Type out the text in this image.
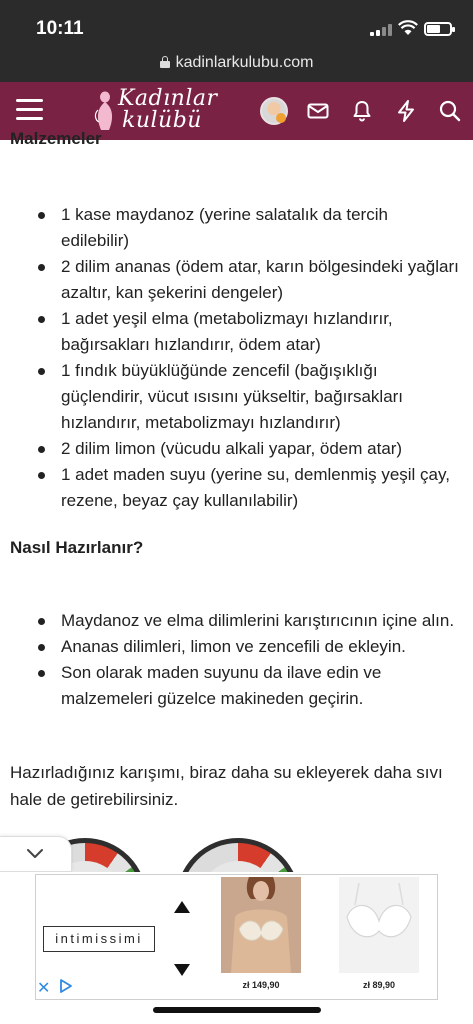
10:11
kadinlarkulubu.com
Kadınlar
kulübü
Malzemeler
1 kase maydanoz (yerine salatalık da tercih edilebilir)
2 dilim ananas (ödem atar, karın bölgesindeki yağları azaltır, kan şekerini dengeler)
1 adet yeşil elma (metabolizmayı hızlandırır, bağırsakları hızlandırır, ödem atar)
1 fındık büyüklüğünde zencefil (bağışıklığı güçlendirir, vücut ısısını yükseltir, bağırsakları hızlandırır, metabolizmayı hızlandırır)
2 dilim limon (vücudu alkali yapar, ödem atar)
1 adet maden suyu (yerine su, demlenmiş yeşil çay, rezene, beyaz çay kullanılabilir)
Nasıl Hazırlanır?
Maydanoz ve elma dilimlerini karıştırıcının içine alın.
Ananas dilimleri, limon ve zencefili de ekleyin.
Son olarak maden suyunu da ilave edin ve malzemeleri güzelce makineden geçirin.

Hazırladığınız karışımı, biraz daha su ekleyerek daha sıvı hale de getirebilirsiniz.

intimissimi
zł 149,90	zł 89,90
✕
